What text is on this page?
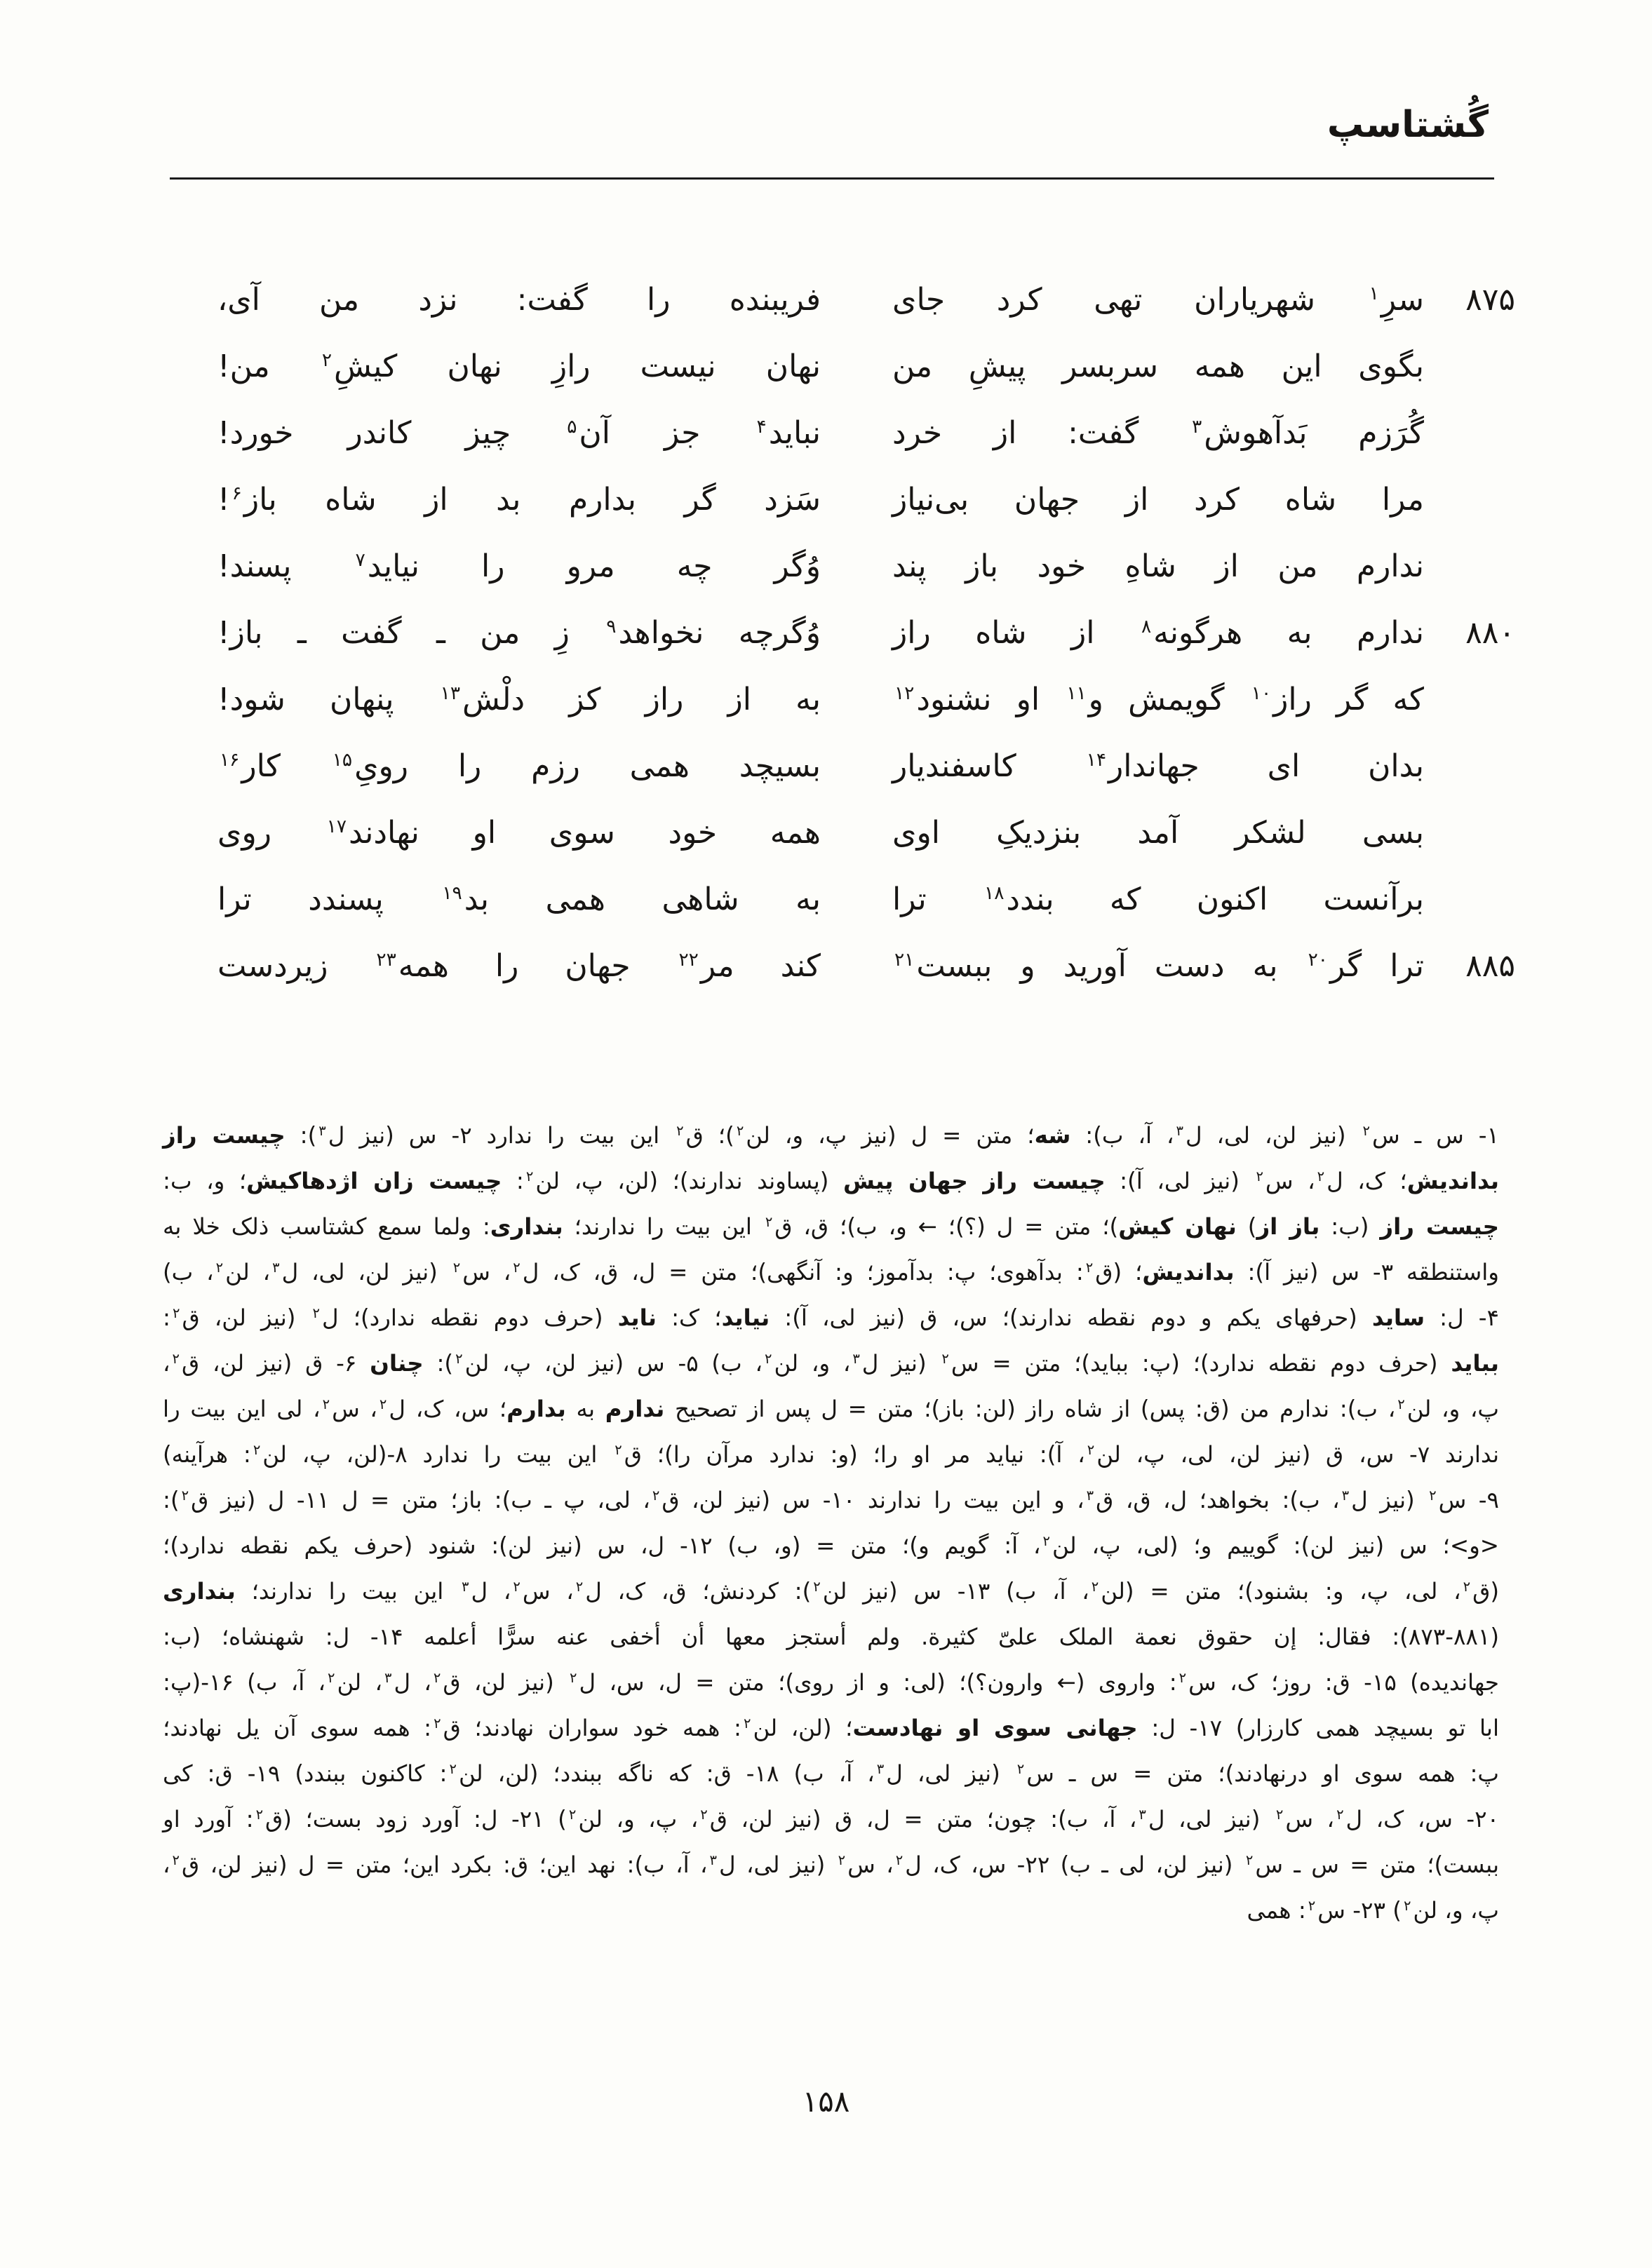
گُشتاسپ
۸۷۵
سرِ$^۱$ شهریاران تهی کرد جای
فریبنده را گفت: نزد من آی،
بگوی این همه سربسر پیشِ من
نهان نیست رازِ نهان کیشِ$^۲$ من!
گُرَزم بَدآهوش$^۳$ گفت: از خرد
نباید$^۴$ جز آن$^۵$ چیز کاندر خورد!
مرا شاه کرد از جهان بی‌نیاز
سَزد گر بدارم بد از شاه باز$^۶$!
ندارم من از شاهِ خود باز پند
وُگر چه مرو را نیاید$^۷$ پسند!
۸۸۰
ندارم به هرگونه$^۸$ از شاه راز
وُگرچه نخواهد$^۹$ زِ من ـ گفت ـ باز!
که گر راز$^{۱۰}$ گویمش و$^{۱۱}$ او نشنود$^{۱۲}$
به از راز کز دلْش$^{۱۳}$ پنهان شود!
بدان ای جهاندار$^{۱۴}$ کاسفندیار
بسیچد همی رزم را رویِ$^{۱۵}$ کار$^{۱۶}$
بسی لشکر آمد بنزدیکِ اوی
همه خود سوی او نهادند$^{۱۷}$ روی
برآنست اکنون که بندد$^{۱۸}$ ترا
به شاهی همی بد$^{۱۹}$ پسندد ترا
۸۸۵
ترا گر$^{۲۰}$ به دست آورید و ببست$^{۲۱}$
کند مر$^{۲۲}$ جهان را همه$^{۲۳}$ زیردست
۱- س ـ س$^۲$ (نیز لن، لی، ل$^۳$، آ، ب): شه؛ متن = ل (نیز پ، و، لن$^۲$)؛ ق$^۲$ این بیت را ندارد ۲- س (نیز ل$^۳$): چیست راز
بداندیش؛ ک، ل$^۲$، س$^۲$ (نیز لی، آ): چیست راز جهان پیش (پساوند ندارند)؛ (لن، پ، لن$^۲$: چیست زان اژدهاکیش؛ و، ب:
چیست راز (ب: باز از) نهان کیش)؛ متن = ل (؟)؛ ← و، ب)؛ ق، ق$^۲$ این بیت را ندارند؛ بنداری: ولما سمع کشتاسب ذلک خلا به
واستنطقه ۳- س (نیز آ): بداندیش؛ (ق$^۲$: بدآهوی؛ پ: بدآموز؛ و: آنگهی)؛ متن = ل، ق، ک، ل$^۲$، س$^۲$ (نیز لن، لی، ل$^۳$، لن$^۲$، ب)
۴- ل: ساید (حرفهای یکم و دوم نقطه ندارند)؛ س، ق (نیز لی، آ): نیاید؛ ک: ناید (حرف دوم نقطه ندارد)؛ ل$^۲$ (نیز لن، ق$^۲$:
بباید (حرف دوم نقطه ندارد)؛ (پ: بباید)؛ متن = س$^۲$ (نیز ل$^۳$، و، لن$^۲$، ب) ۵- س (نیز لن، پ، لن$^۲$): چنان ۶- ق (نیز لن، ق$^۲$،
پ، و، لن$^۲$، ب): ندارم من (ق: پس) از شاه راز (لن: باز)؛ متن = ل پس از تصحیح ندارم به بدارم؛ س، ک، ل$^۲$، س$^۲$، لی این بیت را
ندارند ۷- س، ق (نیز لن، لی، پ، لن$^۲$، آ): نیاید مر او را؛ (و: ندارد مرآن را)؛ ق$^۲$ این بیت را ندارد ۸-(لن، پ، لن$^۲$: هرآینه)
۹- س$^۲$ (نیز ل$^۳$، ب): بخواهد؛ ل، ق، ق$^۳$، و این بیت را ندارند ۱۰- س (نیز لن، ق$^۲$، لی، پ ـ ب): باز؛ متن = ل ۱۱- ل (نیز ق$^۲$):
<و>؛ س (نیز لن): گوییم و؛ (لی، پ، لن$^۲$، آ: گویم و)؛ متن = (و، ب) ۱۲- ل، س (نیز لن): شنود (حرف یکم نقطه ندارد)؛
(ق$^۲$، لی، پ، و: بشنود)؛ متن = (لن$^۲$، آ، ب) ۱۳- س (نیز لن$^۲$): کردنش؛ ق، ک، ل$^۲$، س$^۲$، ل$^۳$ این بیت را ندارند؛ بنداری
(۸۷۳-۸۸۱): فقال: إن حقوق نعمة الملک علیّ کثیرة. ولم أستجز معها أن أخفی عنه سرًّا أعلمه ۱۴- ل: شهنشاه؛ (ب:
جهاندیده) ۱۵- ق: روز؛ ک، س$^۲$: واروی (← وارون؟)؛ (لی: و از روی)؛ متن = ل، س، ل$^۲$ (نیز لن، ق$^۲$، ل$^۳$، لن$^۲$، آ، ب) ۱۶-(پ:
ابا تو بسیچد همی کارزار) ۱۷- ل: جهانی سوی او نهادست؛ (لن، لن$^۲$: همه خود سواران نهادند؛ ق$^۲$: همه سوی آن یل نهادند؛
پ: همه سوی او درنهادند)؛ متن = س ـ س$^۲$ (نیز لی، ل$^۳$، آ، ب) ۱۸- ق: که ناگه ببندد؛ (لن، لن$^۲$: کاکنون ببندد) ۱۹- ق: کی
۲۰- س، ک، ل$^۲$، س$^۲$ (نیز لی، ل$^۳$، آ، ب): چون؛ متن = ل، ق (نیز لن، ق$^۲$، پ، و، لن$^۲$) ۲۱- ل: آورد زود بست؛ (ق$^۲$: آورد او
ببست)؛ متن = س ـ س$^۲$ (نیز لن، لی ـ ب) ۲۲- س، ک، ل$^۲$، س$^۲$ (نیز لی، ل$^۳$، آ، ب): نهد این؛ ق: بکرد این؛ متن = ل (نیز لن، ق$^۲$،
پ، و، لن$^۲$) ۲۳- س$^۲$: همی
۱۵۸
